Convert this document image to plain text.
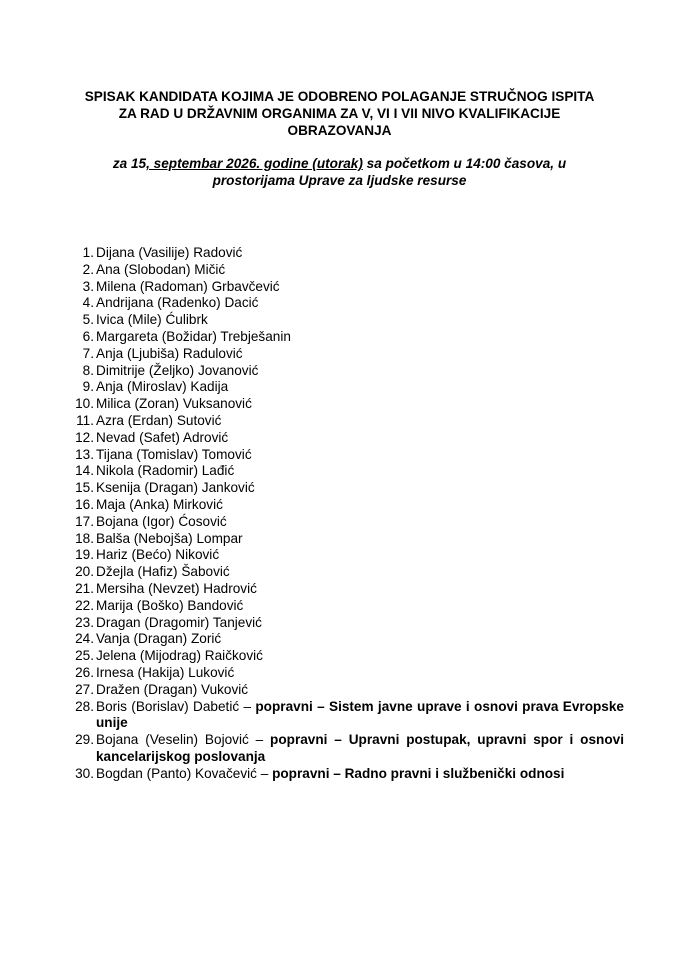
SPISAK KANDIDATA KOJIMA JE ODOBRENO POLAGANJE STRUČNOG ISPITA
ZA RAD U DRŽAVNIM ORGANIMA ZA V, VI I VII NIVO KVALIFIKACIJE
OBRAZOVANJA

za 15, septembar 2026. godine (utorak) sa početkom u 14:00 časova, u
prostorijama Uprave za ljudske resurse

1. Dijana (Vasilije) Radović
2. Ana (Slobodan) Mičić
3. Milena (Radoman) Grbavčević
4. Andrijana (Radenko) Dacić
5. Ivica (Mile) Ćulibrk
6. Margareta (Božidar) Trebješanin
7. Anja (Ljubiša) Radulović
8. Dimitrije (Željko) Jovanović
9. Anja (Miroslav) Kadija
10. Milica (Zoran) Vuksanović
11. Azra (Erdan) Sutović
12. Nevad (Safet) Adrović
13. Tijana (Tomislav) Tomović
14. Nikola (Radomir) Lađić
15. Ksenija (Dragan) Janković
16. Maja (Anka) Mirković
17. Bojana (Igor) Ćosović
18. Balša (Nebojša) Lompar
19. Hariz (Bećo) Niković
20. Džejla (Hafiz) Šabović
21. Mersiha (Nevzet) Hadrović
22. Marija (Boško) Bandović
23. Dragan (Dragomir) Tanjević
24. Vanja (Dragan) Zorić
25. Jelena (Mijodrag) Raičković
26. Irnesa (Hakija) Luković
27. Dražen (Dragan) Vuković
28. Boris (Borislav) Dabetić – popravni – Sistem javne uprave i osnovi prava Evropske unije
29. Bojana (Veselin) Bojović – popravni – Upravni postupak, upravni spor i osnovi kancelarijskog poslovanja
30. Bogdan (Panto) Kovačević – popravni – Radno pravni i službenički odnosi
